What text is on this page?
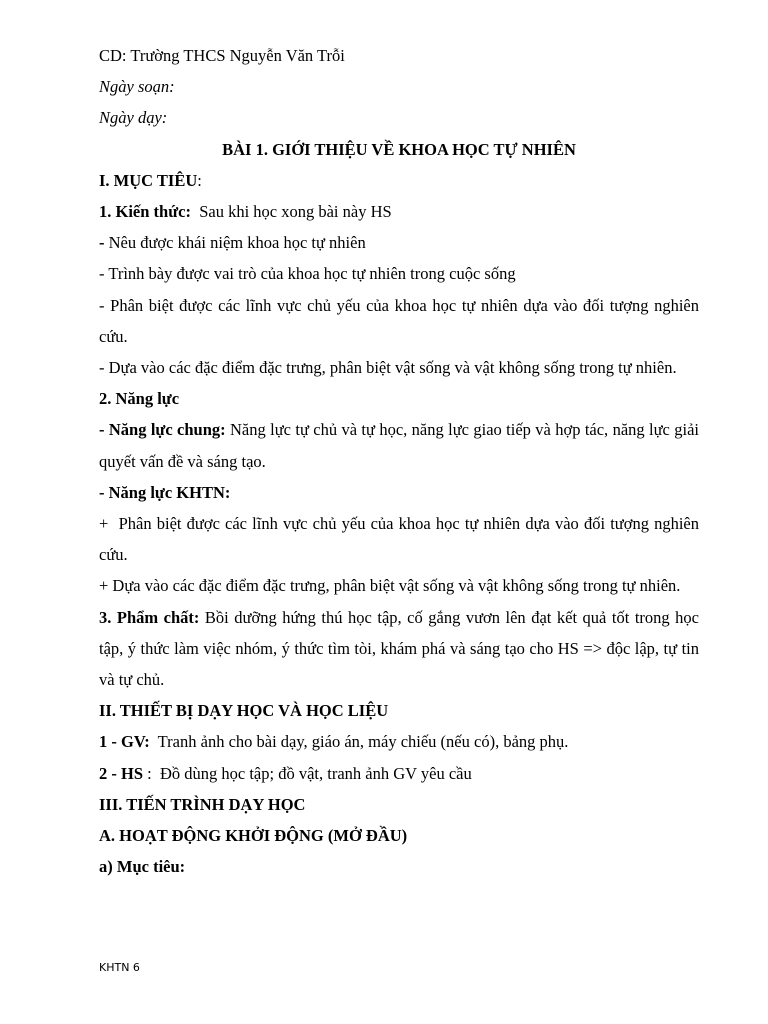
CD: Trường THCS Nguyễn Văn Trỗi
Ngày soạn:
Ngày dạy:
BÀI 1. GIỚI THIỆU VỀ KHOA HỌC TỰ NHIÊN
I. MỤC TIÊU:
1. Kiến thức:  Sau khi học xong bài này HS
- Nêu được khái niệm khoa học tự nhiên
- Trình bày được vai trò của khoa học tự nhiên trong cuộc sống
- Phân biệt được các lĩnh vực chủ yếu của khoa học tự nhiên dựa vào đối tượng nghiên cứu.
- Dựa vào các đặc điểm đặc trưng, phân biệt vật sống và vật không sống trong tự nhiên.
2. Năng lực
- Năng lực chung: Năng lực tự chủ và tự học, năng lực giao tiếp và hợp tác, năng lực giải quyết vấn đề và sáng tạo.
- Năng lực KHTN:
+  Phân biệt được các lĩnh vực chủ yếu của khoa học tự nhiên dựa vào đối tượng nghiên cứu.
+ Dựa vào các đặc điểm đặc trưng, phân biệt vật sống và vật không sống trong tự nhiên.
3. Phẩm chất: Bồi dưỡng hứng thú học tập, cố gắng vươn lên đạt kết quả tốt trong học tập, ý thức làm việc nhóm, ý thức tìm tòi, khám phá và sáng tạo cho HS => độc lập, tự tin và tự chủ.
II. THIẾT BỊ DẠY HỌC VÀ HỌC LIỆU
1 - GV:  Tranh ảnh cho bài dạy, giáo án, máy chiếu (nếu có), bảng phụ.
2 - HS :  Đồ dùng học tập; đồ vật, tranh ảnh GV yêu cầu
III. TIẾN TRÌNH DẠY HỌC
A. HOẠT ĐỘNG KHỞI ĐỘNG (MỞ ĐẦU)
a) Mục tiêu:
KHTN 6
